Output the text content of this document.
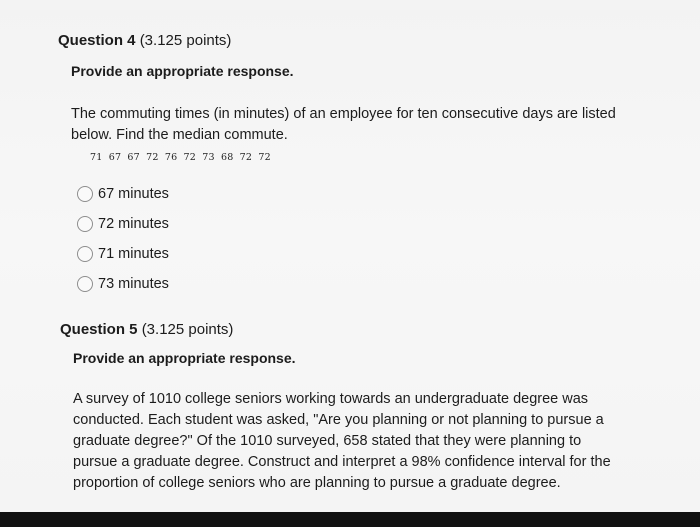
Question 4 (3.125 points)
Provide an appropriate response.
The commuting times (in minutes) of an employee for ten consecutive days are listed
below. Find the median commute.
71 67 67 72 76 72 73 68 72 72
67 minutes
72 minutes
71 minutes
73 minutes
Question 5 (3.125 points)
Provide an appropriate response.
A survey of 1010 college seniors working towards an undergraduate degree was
conducted. Each student was asked, "Are you planning or not planning to pursue a
graduate degree?" Of the 1010 surveyed, 658 stated that they were planning to
pursue a graduate degree. Construct and interpret a 98% confidence interval for the
proportion of college seniors who are planning to pursue a graduate degree.
